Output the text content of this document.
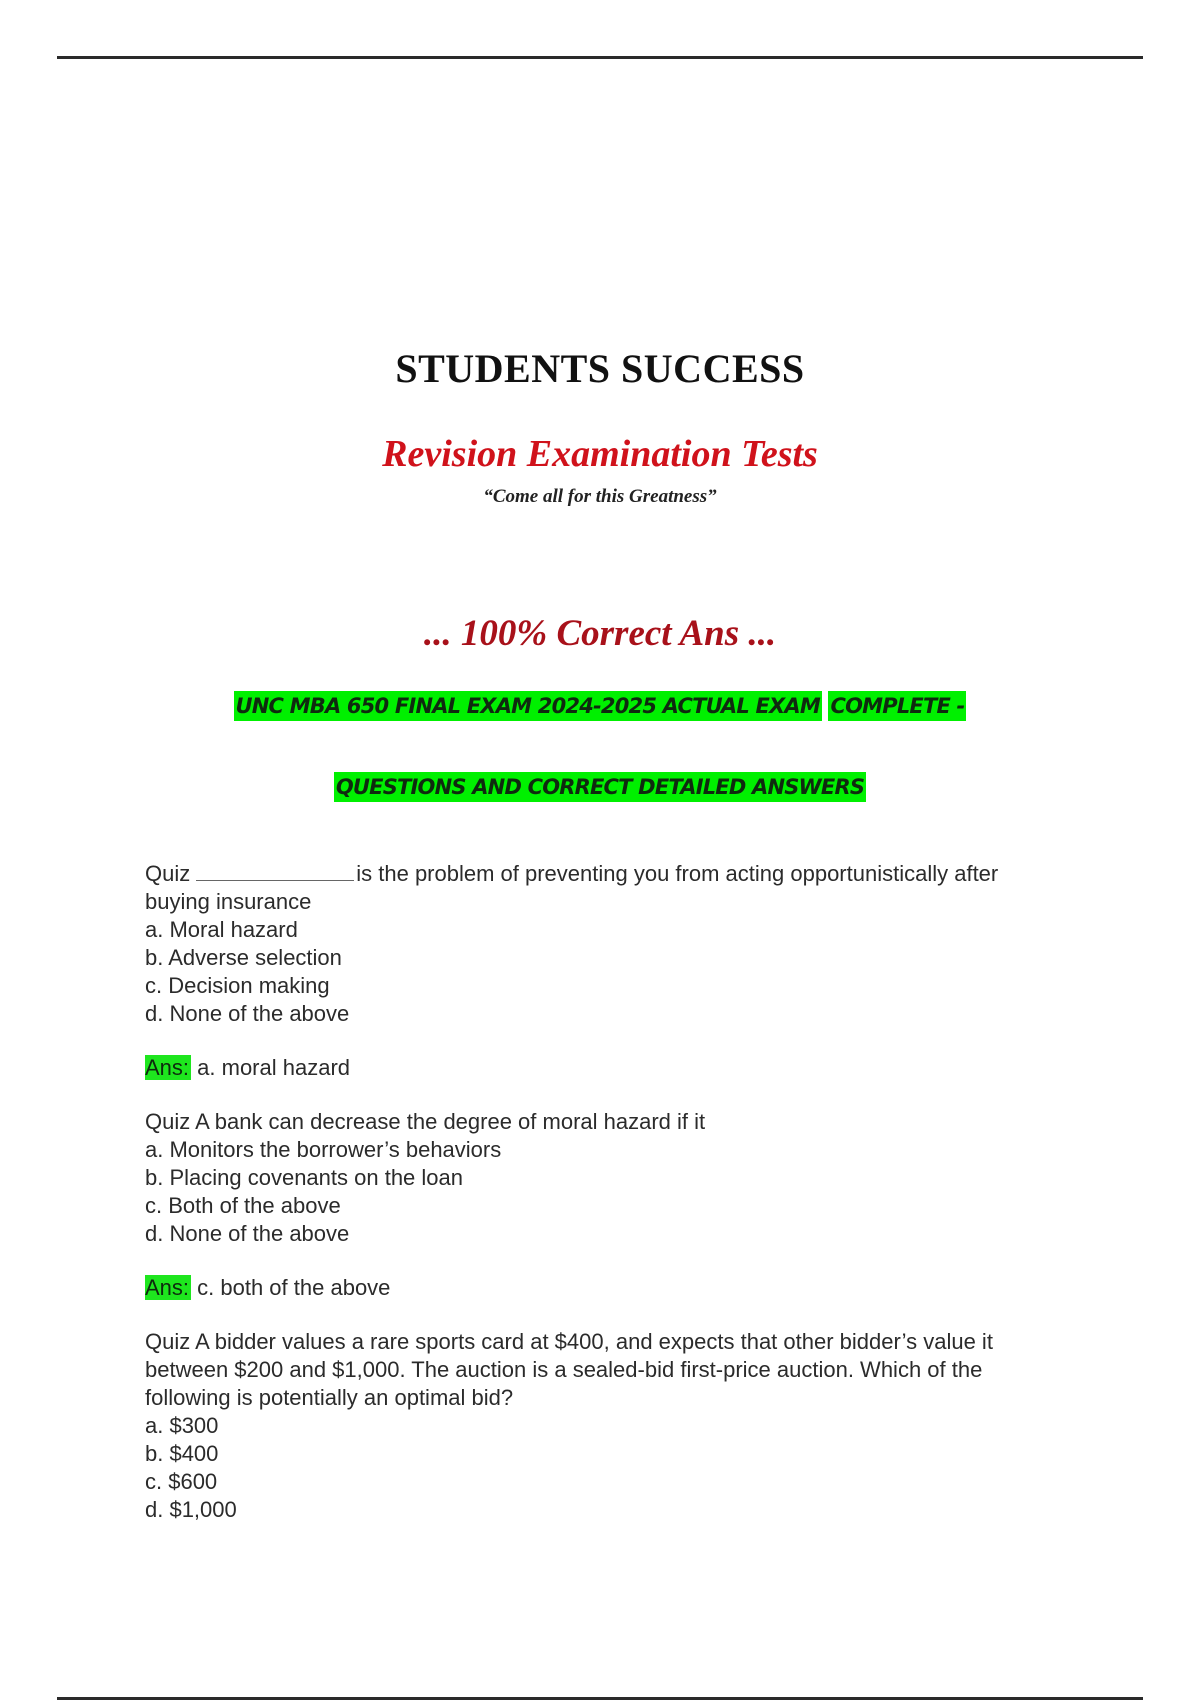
STUDENTS SUCCESS
Revision Examination Tests
“Come all for this Greatness”
... 100% Correct Ans ...
UNC MBA 650 FINAL EXAM 2024-2025 ACTUAL EXAM COMPLETE -
QUESTIONS AND CORRECT DETAILED ANSWERS

Quiz	is the problem of preventing you from acting opportunistically after buying insurance

a. Moral hazard

b. Adverse selection

c. Decision making

d. None of the above

Ans: a. moral hazard

Quiz A bank can decrease the degree of moral hazard if it

a. Monitors the borrower’s behaviors

b. Placing covenants on the loan

c. Both of the above

d. None of the above

Ans: c. both of the above

Quiz A bidder values a rare sports card at $400, and expects that other bidder’s value it between $200 and $1,000. The auction is a sealed-bid first-price auction. Which of the following is potentially an optimal bid?

a. $300

b. $400

c. $600

d. $1,000
